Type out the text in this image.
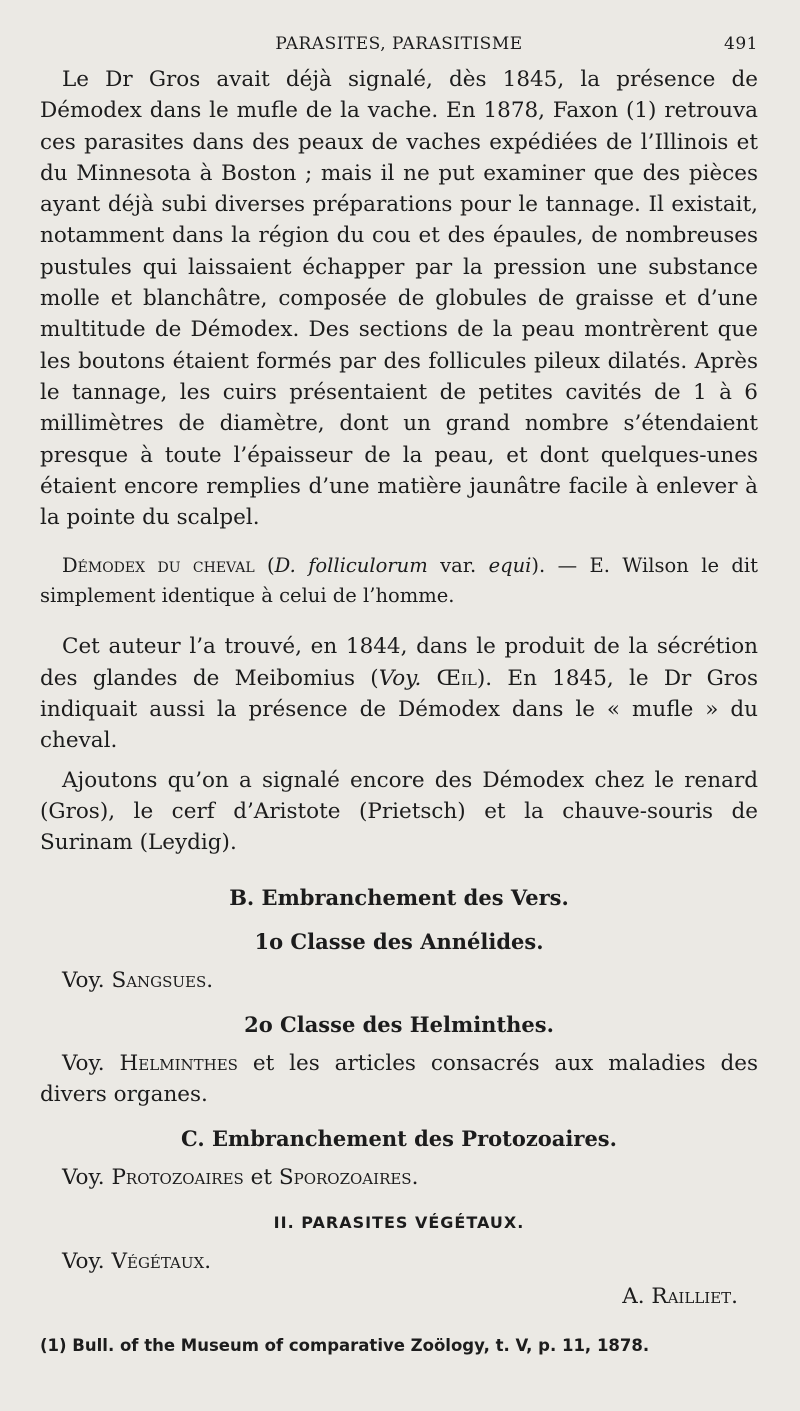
PARASITES, PARASITISME	491

Le Dr Gros avait déjà signalé, dès 1845, la présence de Démodex dans le mufle de la vache. En 1878, Faxon (1) retrouva ces parasites dans des peaux de vaches expédiées de l’Illinois et du Minnesota à Boston ; mais il ne put examiner que des pièces ayant déjà subi diverses préparations pour le tannage. Il existait, notamment dans la région du cou et des épaules, de nombreuses pustules qui laissaient échapper par la pression une substance molle et blanchâtre, composée de globules de graisse et d’une multitude de Démodex. Des sections de la peau montrèrent que les boutons étaient formés par des follicules pileux dilatés. Après le tannage, les cuirs présentaient de petites cavités de 1 à 6 millimètres de diamètre, dont un grand nombre s’étendaient presque à toute l’épaisseur de la peau, et dont quelques-unes étaient encore remplies d’une matière jaunâtre facile à enlever à la pointe du scalpel.

Démodex du cheval (D. folliculorum var. equi). — E. Wilson le dit simplement identique à celui de l’homme.

Cet auteur l’a trouvé, en 1844, dans le produit de la sécrétion des glandes de Meibomius (Voy. Œil). En 1845, le Dr Gros indiquait aussi la présence de Démodex dans le « mufle » du cheval.

Ajoutons qu’on a signalé encore des Démodex chez le renard (Gros), le cerf d’Aristote (Prietsch) et la chauve-souris de Surinam (Leydig).

B. Embranchement des Vers.
1o Classe des Annélides.

Voy. Sangsues.

2o Classe des Helminthes.

Voy. Helminthes et les articles consacrés aux maladies des divers organes.

C. Embranchement des Protozoaires.

Voy. Protozoaires et Sporozoaires.

II. PARASITES VÉGÉTAUX.

Voy. Végétaux.

A. Railliet.

(1) Bull. of the Museum of comparative Zoölogy, t. V, p. 11, 1878.
